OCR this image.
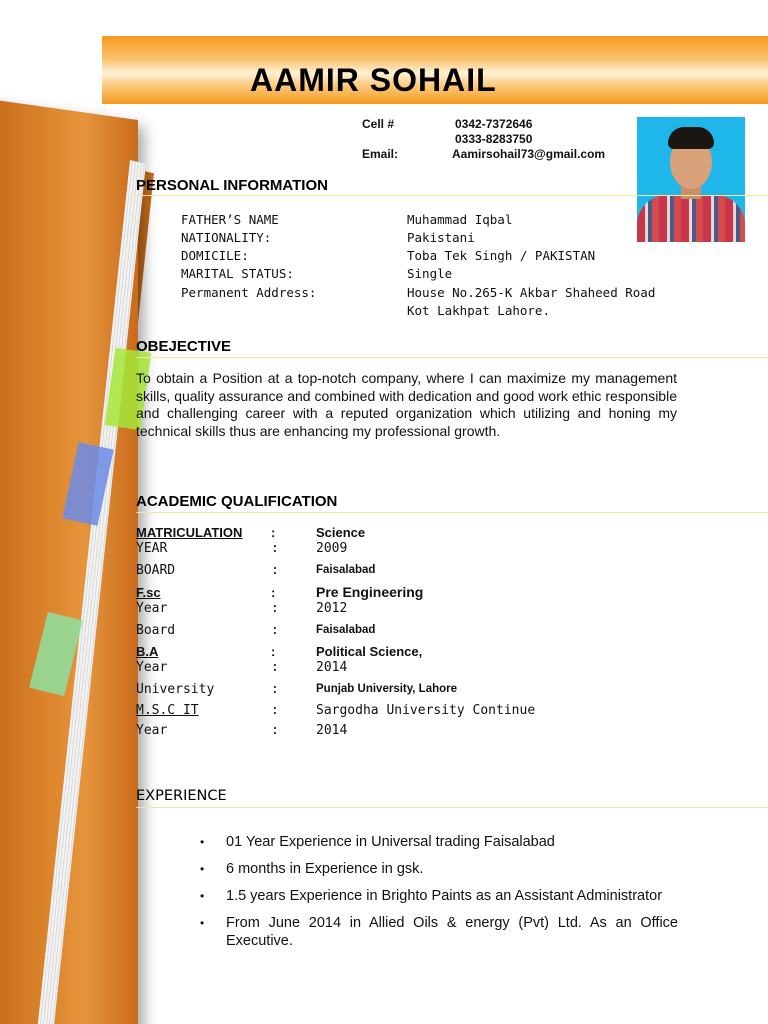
AAMIR SOHAIL
Cell #	0342-7372646
0333-8283750
Email:	Aamirsohail73@gmail.com
PERSONAL INFORMATION
FATHER’S NAME	Muhammad Iqbal
NATIONALITY:	Pakistani
DOMICILE:	Toba Tek Singh / PAKISTAN
MARITAL STATUS:	Single
Permanent Address:	House No.265-K Akbar Shaheed Road
Kot Lakhpat Lahore.
OBEJECTIVE

To obtain a Position at a top-notch company, where I can maximize my management skills, quality assurance and combined with dedication and good work ethic responsible and challenging career with a reputed organization which utilizing and honing my technical skills thus are enhancing my professional growth.

ACADEMIC QUALIFICATION
MATRICULATION :	Science
YEAR	:	2009
BOARD	:	Faisalabad
F.sc	:	Pre Engineering
Year	:	2012
Board	:	Faisalabad
B.A	:	Political Science,
Year	:	2014
University	:	Punjab University, Lahore
M.S.C IT	:	Sargodha University Continue
Year	:	2014
EXPERIENCE
• 01 Year Experience in Universal trading Faisalabad
• 6 months in Experience in gsk.
• 1.5 years Experience in Brighto Paints as an Assistant Administrator
• From June 2014 in Allied Oils & energy (Pvt) Ltd. As an Office Executive.
